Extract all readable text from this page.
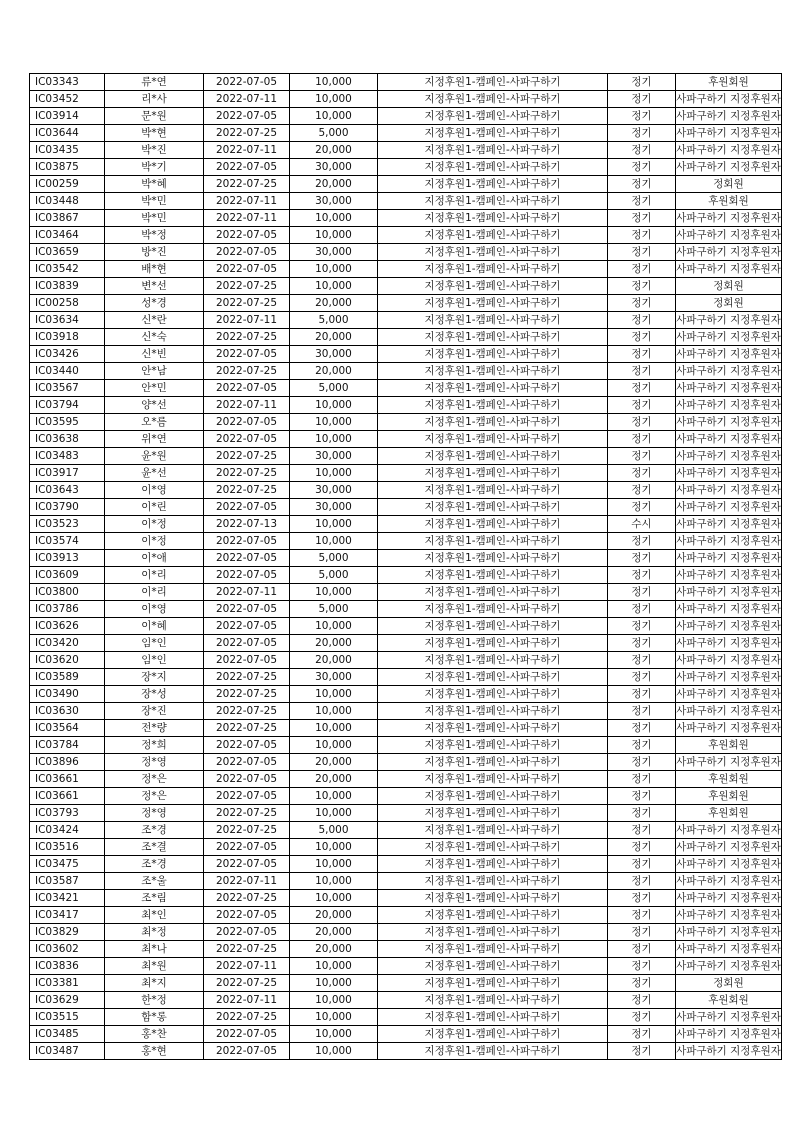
IC03343	류*연	2022-07-05	10,000	지정후원1-캠페인-사파구하기	정기	후원회원
IC03452	리*사	2022-07-11	10,000	지정후원1-캠페인-사파구하기	정기	사파구하기 지정후원자
IC03914	문*원	2022-07-05	10,000	지정후원1-캠페인-사파구하기	정기	사파구하기 지정후원자
IC03644	박*현	2022-07-25	5,000	지정후원1-캠페인-사파구하기	정기	사파구하기 지정후원자
IC03435	박*진	2022-07-11	20,000	지정후원1-캠페인-사파구하기	정기	사파구하기 지정후원자
IC03875	박*기	2022-07-05	30,000	지정후원1-캠페인-사파구하기	정기	사파구하기 지정후원자
IC00259	박*혜	2022-07-25	20,000	지정후원1-캠페인-사파구하기	정기	정회원
IC03448	박*민	2022-07-11	30,000	지정후원1-캠페인-사파구하기	정기	후원회원
IC03867	박*민	2022-07-11	10,000	지정후원1-캠페인-사파구하기	정기	사파구하기 지정후원자
IC03464	박*정	2022-07-05	10,000	지정후원1-캠페인-사파구하기	정기	사파구하기 지정후원자
IC03659	방*진	2022-07-05	30,000	지정후원1-캠페인-사파구하기	정기	사파구하기 지정후원자
IC03542	배*현	2022-07-05	10,000	지정후원1-캠페인-사파구하기	정기	사파구하기 지정후원자
IC03839	변*선	2022-07-25	10,000	지정후원1-캠페인-사파구하기	정기	정회원
IC00258	성*경	2022-07-25	20,000	지정후원1-캠페인-사파구하기	정기	정회원
IC03634	신*란	2022-07-11	5,000	지정후원1-캠페인-사파구하기	정기	사파구하기 지정후원자
IC03918	신*숙	2022-07-25	20,000	지정후원1-캠페인-사파구하기	정기	사파구하기 지정후원자
IC03426	신*빈	2022-07-05	30,000	지정후원1-캠페인-사파구하기	정기	사파구하기 지정후원자
IC03440	안*남	2022-07-25	20,000	지정후원1-캠페인-사파구하기	정기	사파구하기 지정후원자
IC03567	안*민	2022-07-05	5,000	지정후원1-캠페인-사파구하기	정기	사파구하기 지정후원자
IC03794	양*선	2022-07-11	10,000	지정후원1-캠페인-사파구하기	정기	사파구하기 지정후원자
IC03595	오*름	2022-07-05	10,000	지정후원1-캠페인-사파구하기	정기	사파구하기 지정후원자
IC03638	위*연	2022-07-05	10,000	지정후원1-캠페인-사파구하기	정기	사파구하기 지정후원자
IC03483	윤*원	2022-07-25	30,000	지정후원1-캠페인-사파구하기	정기	사파구하기 지정후원자
IC03917	윤*선	2022-07-25	10,000	지정후원1-캠페인-사파구하기	정기	사파구하기 지정후원자
IC03643	이*영	2022-07-25	30,000	지정후원1-캠페인-사파구하기	정기	사파구하기 지정후원자
IC03790	이*린	2022-07-05	30,000	지정후원1-캠페인-사파구하기	정기	사파구하기 지정후원자
IC03523	이*정	2022-07-13	10,000	지정후원1-캠페인-사파구하기	수시	사파구하기 지정후원자
IC03574	이*정	2022-07-05	10,000	지정후원1-캠페인-사파구하기	정기	사파구하기 지정후원자
IC03913	이*애	2022-07-05	5,000	지정후원1-캠페인-사파구하기	정기	사파구하기 지정후원자
IC03609	이*리	2022-07-05	5,000	지정후원1-캠페인-사파구하기	정기	사파구하기 지정후원자
IC03800	이*리	2022-07-11	10,000	지정후원1-캠페인-사파구하기	정기	사파구하기 지정후원자
IC03786	이*영	2022-07-05	5,000	지정후원1-캠페인-사파구하기	정기	사파구하기 지정후원자
IC03626	이*혜	2022-07-05	10,000	지정후원1-캠페인-사파구하기	정기	사파구하기 지정후원자
IC03420	임*인	2022-07-05	20,000	지정후원1-캠페인-사파구하기	정기	사파구하기 지정후원자
IC03620	임*인	2022-07-05	20,000	지정후원1-캠페인-사파구하기	정기	사파구하기 지정후원자
IC03589	장*지	2022-07-25	30,000	지정후원1-캠페인-사파구하기	정기	사파구하기 지정후원자
IC03490	장*성	2022-07-25	10,000	지정후원1-캠페인-사파구하기	정기	사파구하기 지정후원자
IC03630	장*진	2022-07-25	10,000	지정후원1-캠페인-사파구하기	정기	사파구하기 지정후원자
IC03564	전*량	2022-07-25	10,000	지정후원1-캠페인-사파구하기	정기	사파구하기 지정후원자
IC03784	정*희	2022-07-05	10,000	지정후원1-캠페인-사파구하기	정기	후원회원
IC03896	정*영	2022-07-05	20,000	지정후원1-캠페인-사파구하기	정기	사파구하기 지정후원자
IC03661	정*은	2022-07-05	20,000	지정후원1-캠페인-사파구하기	정기	후원회원
IC03661	정*은	2022-07-05	10,000	지정후원1-캠페인-사파구하기	정기	후원회원
IC03793	정*영	2022-07-25	10,000	지정후원1-캠페인-사파구하기	정기	후원회원
IC03424	조*경	2022-07-25	5,000	지정후원1-캠페인-사파구하기	정기	사파구하기 지정후원자
IC03516	조*결	2022-07-05	10,000	지정후원1-캠페인-사파구하기	정기	사파구하기 지정후원자
IC03475	조*경	2022-07-05	10,000	지정후원1-캠페인-사파구하기	정기	사파구하기 지정후원자
IC03587	조*울	2022-07-11	10,000	지정후원1-캠페인-사파구하기	정기	사파구하기 지정후원자
IC03421	조*림	2022-07-25	10,000	지정후원1-캠페인-사파구하기	정기	사파구하기 지정후원자
IC03417	최*인	2022-07-05	20,000	지정후원1-캠페인-사파구하기	정기	사파구하기 지정후원자
IC03829	최*정	2022-07-05	20,000	지정후원1-캠페인-사파구하기	정기	사파구하기 지정후원자
IC03602	최*나	2022-07-25	20,000	지정후원1-캠페인-사파구하기	정기	사파구하기 지정후원자
IC03836	최*원	2022-07-11	10,000	지정후원1-캠페인-사파구하기	정기	사파구하기 지정후원자
IC03381	최*지	2022-07-25	10,000	지정후원1-캠페인-사파구하기	정기	정회원
IC03629	한*정	2022-07-11	10,000	지정후원1-캠페인-사파구하기	정기	후원회원
IC03515	함*롱	2022-07-25	10,000	지정후원1-캠페인-사파구하기	정기	사파구하기 지정후원자
IC03485	홍*찬	2022-07-05	10,000	지정후원1-캠페인-사파구하기	정기	사파구하기 지정후원자
IC03487	홍*현	2022-07-05	10,000	지정후원1-캠페인-사파구하기	정기	사파구하기 지정후원자
